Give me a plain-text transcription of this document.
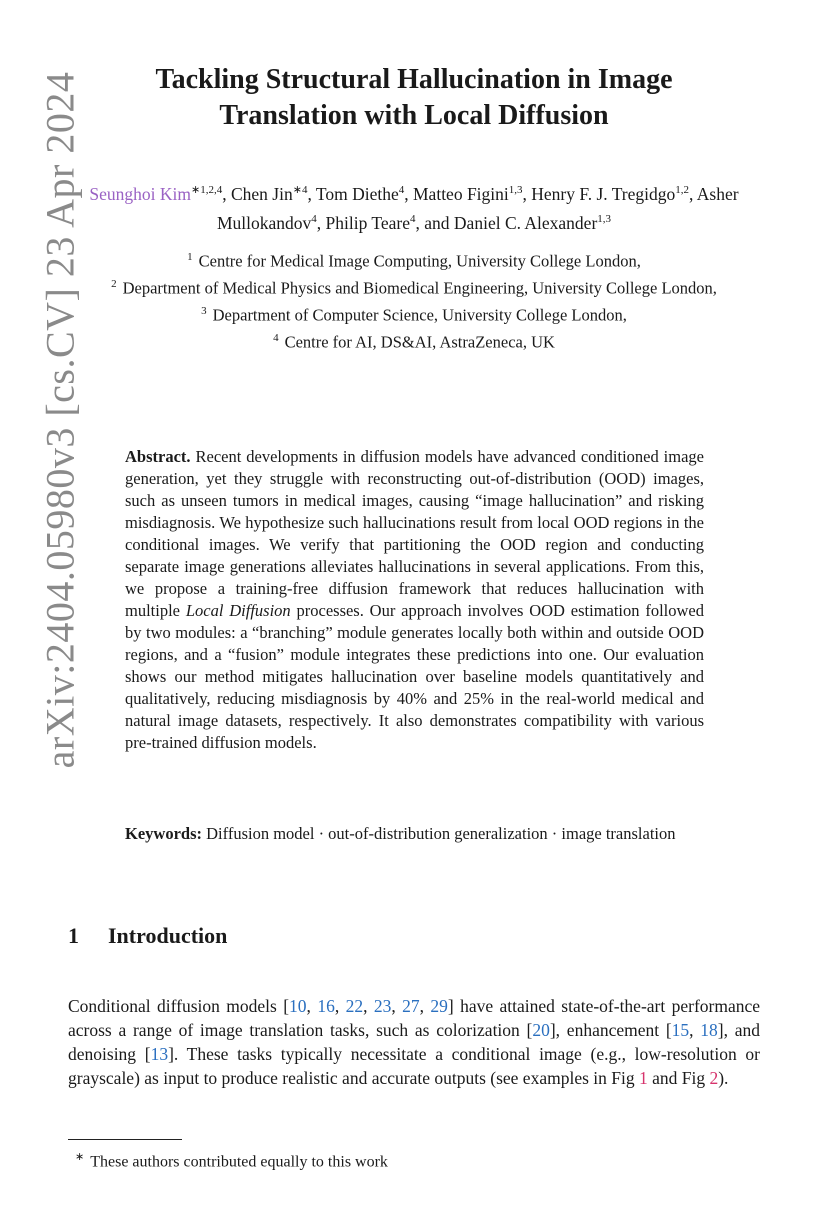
arXiv:2404.05980v3 [cs.CV] 23 Apr 2024	Tackling Structural Hallucination in Image
Translation with Local Diffusion
Seunghoi Kim$^{∗1,2,4}$, Chen Jin$^{∗4}$, Tom Diethe$^4$, Matteo Figini$^{1,3}$, Henry F. J. Tregidgo$^{1,2}$, Asher Mullokandov$^4$, Philip Teare$^4$, and Daniel C. Alexander$^{1,3}$
$^1$ Centre for Medical Image Computing, University College London,
$^2$ Department of Medical Physics and Biomedical Engineering, University College London,
$^3$ Department of Computer Science, University College London,
$^4$ Centre for AI, DS&AI, AstraZeneca, UK
Abstract. Recent developments in diffusion models have advanced conditioned image generation, yet they struggle with reconstructing out-of-distribution (OOD) images, such as unseen tumors in medical images, causing “image hallucination” and risking misdiagnosis. We hypothesize such hallucinations result from local OOD regions in the conditional images. We verify that partitioning the OOD region and conducting separate image generations alleviates hallucinations in several applications. From this, we propose a training-free diffusion framework that reduces hallucination with multiple Local Diffusion processes. Our approach involves OOD estimation followed by two modules: a “branching” module generates locally both within and outside OOD regions, and a “fusion” module integrates these predictions into one. Our evaluation shows our method mitigates hallucination over baseline models quantitatively and qualitatively, reducing misdiagnosis by 40% and 25% in the real-world medical and natural image datasets, respectively. It also demonstrates compatibility with various pre-trained diffusion models.
Keywords: Diffusion model · out-of-distribution generalization · image translation
1 Introduction
Conditional diffusion models [10, 16, 22, 23, 27, 29] have attained state-of-the-art performance across a range of image translation tasks, such as colorization [20], enhancement [15, 18], and denoising [13]. These tasks typically necessitate a conditional image (e.g., low-resolution or grayscale) as input to produce realistic and accurate outputs (see examples in Fig 1 and Fig 2).
∗ These authors contributed equally to this work
